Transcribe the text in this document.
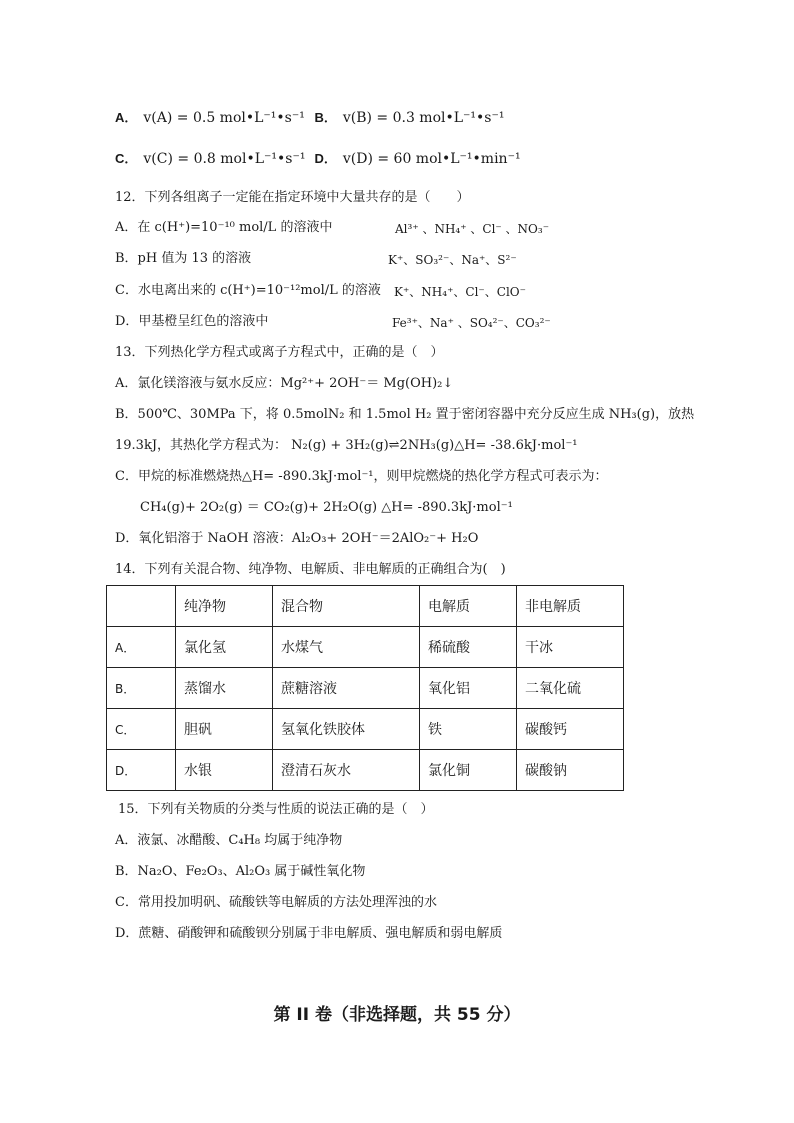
A． v(A) = 0.5 mol•L⁻¹•s⁻¹ B． v(B) = 0.3 mol•L⁻¹•s⁻¹
C． v(C) = 0.8 mol•L⁻¹•s⁻¹ D． v(D) = 60 mol•L⁻¹•min⁻¹
12．下列各组离子一定能在指定环境中大量共存的是（　　）
A．在 c(H⁺)=10⁻¹⁰ mol/L 的溶液中	Al³⁺ 、NH₄⁺ 、Cl⁻ 、NO₃⁻
B．pH 值为 13 的溶液	K⁺、SO₃²⁻、Na⁺、S²⁻
C．水电离出来的 c(H⁺)=10⁻¹²mol/L 的溶液 K⁺、NH₄⁺、Cl⁻、ClO⁻
D．甲基橙呈红色的溶液中	Fe³⁺、Na⁺ 、SO₄²⁻、CO₃²⁻
13．下列热化学方程式或离子方程式中，正确的是（　）
A．氯化镁溶液与氨水反应：Mg²⁺+ 2OH⁻＝ Mg(OH)₂↓
B．500℃、30MPa 下，将 0.5molN₂ 和 1.5mol H₂ 置于密闭容器中充分反应生成 NH₃(g)，放热
19.3kJ，其热化学方程式为： N₂(g) + 3H₂(g)⇌2NH₃(g)△H= -38.6kJ·mol⁻¹
C．甲烷的标准燃烧热△H= -890.3kJ·mol⁻¹，则甲烷燃烧的热化学方程式可表示为：
CH₄(g)+ 2O₂(g) ＝ CO₂(g)+ 2H₂O(g) △H= -890.3kJ·mol⁻¹
D．氧化铝溶于 NaOH 溶液：Al₂O₃+ 2OH⁻＝2AlO₂⁻+ H₂O
14．下列有关混合物、纯净物、电解质、非电解质的正确组合为(　)
	纯净物	混合物	电解质	非电解质
A．	氯化氢	水煤气	稀硫酸	干冰
B．	蒸馏水	蔗糖溶液	氧化铝	二氧化硫
C．	胆矾	氢氧化铁胶体	铁	碳酸钙
D．	水银	澄清石灰水	氯化铜	碳酸钠
15．下列有关物质的分类与性质的说法正确的是（　）
A．液氯、冰醋酸、C₄H₈ 均属于纯净物
B．Na₂O、Fe₂O₃、Al₂O₃ 属于碱性氧化物
C．常用投加明矾、硫酸铁等电解质的方法处理浑浊的水
D．蔗糖、硝酸钾和硫酸钡分别属于非电解质、强电解质和弱电解质
第 II 卷（非选择题，共 55 分）
